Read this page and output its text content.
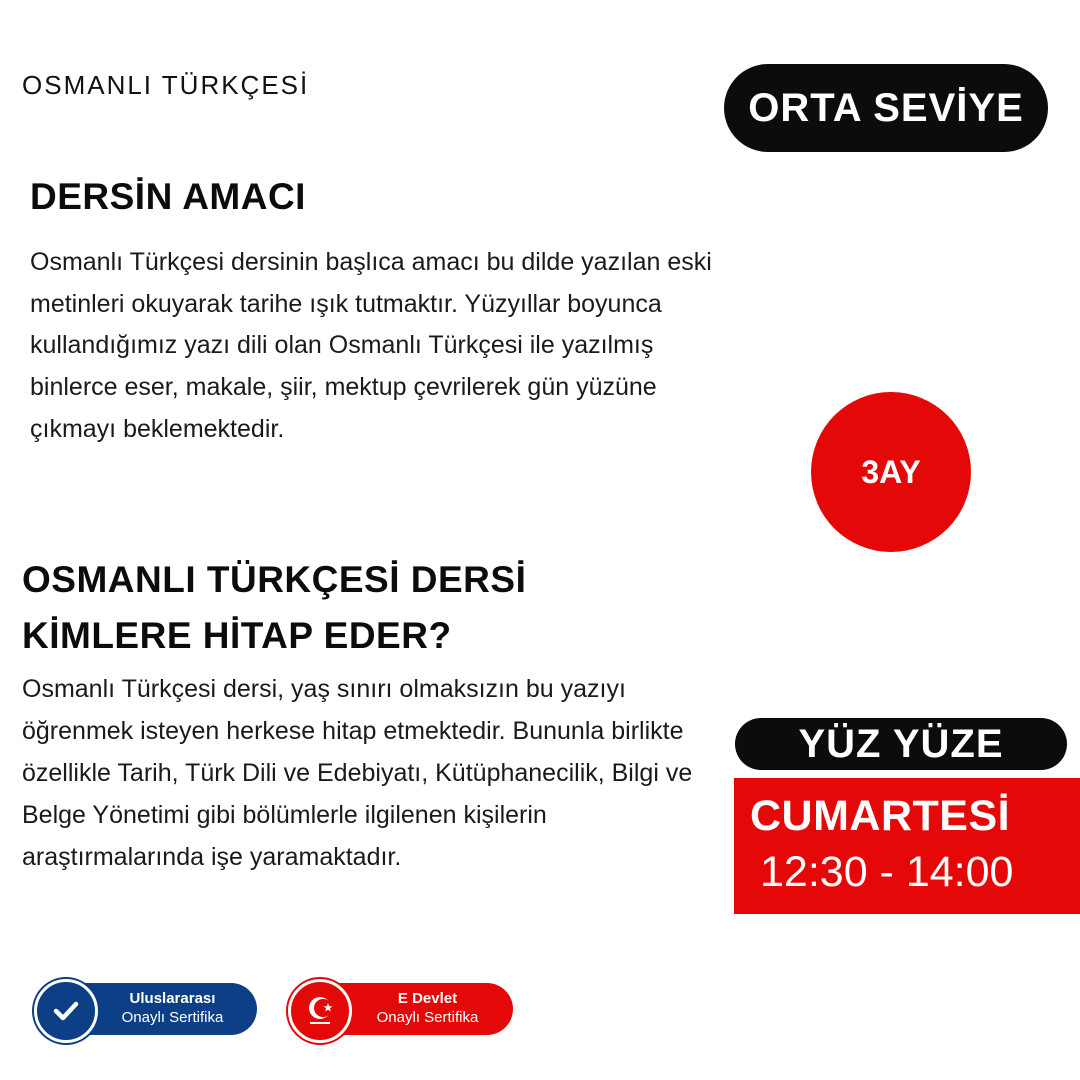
OSMANLI TÜRKÇESİ
ORTA SEVİYE
DERSİN AMACI
Osmanlı Türkçesi dersinin başlıca amacı bu dilde yazılan eski metinleri okuyarak tarihe ışık tutmaktır. Yüzyıllar boyunca kullandığımız yazı dili olan Osmanlı Türkçesi ile yazılmış binlerce eser, makale, şiir, mektup çevrilerek gün yüzüne çıkmayı beklemektedir.
3AY
OSMANLI TÜRKÇESİ DERSİ KİMLERE HİTAP EDER?
Osmanlı Türkçesi dersi, yaş sınırı olmaksızın bu yazıyı öğrenmek isteyen herkese hitap etmektedir. Bununla birlikte özellikle Tarih, Türk Dili ve Edebiyatı, Kütüphanecilik, Bilgi ve Belge Yönetimi gibi bölümlerle ilgilenen kişilerin araştırmalarında işe yaramaktadır.
YÜZ YÜZE
CUMARTESİ
12:30 - 14:00
Uluslararası
Onaylı Sertifika
E Devlet
Onaylı Sertifika
